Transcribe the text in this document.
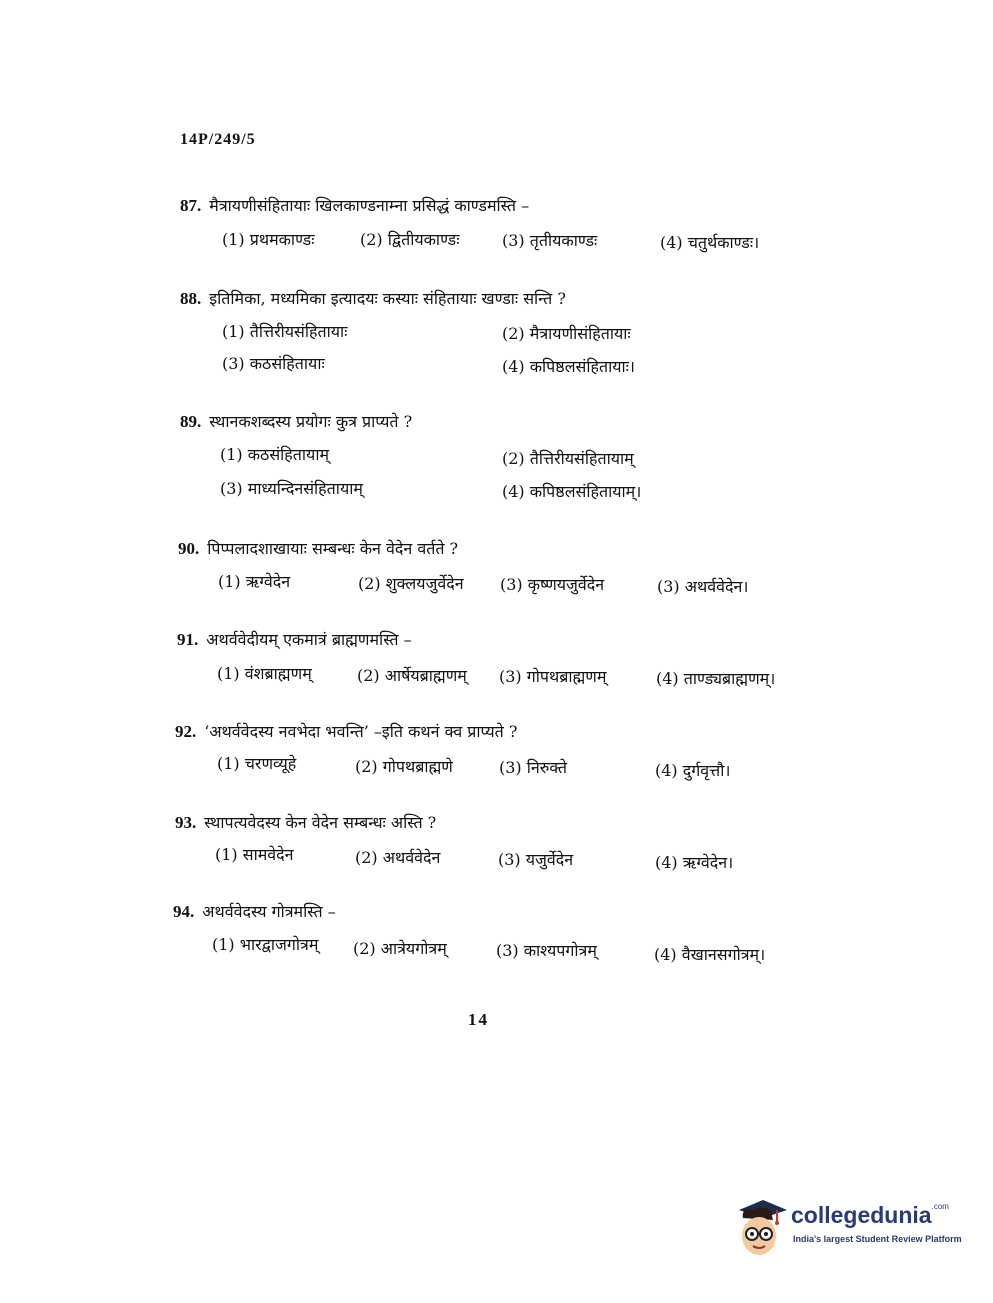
14P/249/5
87. मैत्रायणीसंहितायाः खिलकाण्डनाम्ना प्रसिद्धं काण्डमस्ति –
(1) प्रथमकाण्डः	(2) द्वितीयकाण्डः	(3) तृतीयकाण्डः	(4) चतुर्थकाण्डः।
88. इतिमिका, मध्यमिका इत्यादयः कस्याः संहितायाः खण्डाः सन्ति ?
(1) तैत्तिरीयसंहितायाः	(2) मैत्रायणीसंहितायाः
(3) कठसंहितायाः	(4) कपिष्ठलसंहितायाः।
89. स्थानकशब्दस्य प्रयोगः कुत्र प्राप्यते ?
(1) कठसंहितायाम्	(2) तैत्तिरीयसंहितायाम्
(3) माध्यन्दिनसंहितायाम्	(4) कपिष्ठलसंहितायाम्।
90. पिप्पलादशाखायाः सम्बन्धः केन वेदेन वर्तते ?
(1) ऋग्वेदेन	(2) शुक्लयजुर्वेदेन (3) कृष्णयजुर्वेदेन	(3) अथर्ववेदेन।
91. अथर्ववेदीयम् एकमात्रं ब्राह्मणमस्ति –
(1) वंशब्राह्मणम्	(2) आर्षेयब्राह्मणम् (3) गोपथब्राह्मणम्	(4) ताण्ड्यब्राह्मणम्।
92. ‘अथर्ववेदस्य नवभेदा भवन्ति’ –इति कथनं क्व प्राप्यते ?
(1) चरणव्यूहे	(2) गोपथब्राह्मणे	(3) निरुक्ते	(4) दुर्गवृत्तौ।
93. स्थापत्यवेदस्य केन वेदेन सम्बन्धः अस्ति ?
(1) सामवेदेन	(2) अथर्ववेदेन	(3) यजुर्वेदेन	(4) ऋग्वेदेन।
94. अथर्ववेदस्य गोत्रमस्ति –
(1) भारद्वाजगोत्रम् (2) आत्रेयगोत्रम्	(3) काश्यपगोत्रम्	(4) वैखानसगोत्रम्।
14
collegedunia$^{.com}$
India's largest Student Review Platform
